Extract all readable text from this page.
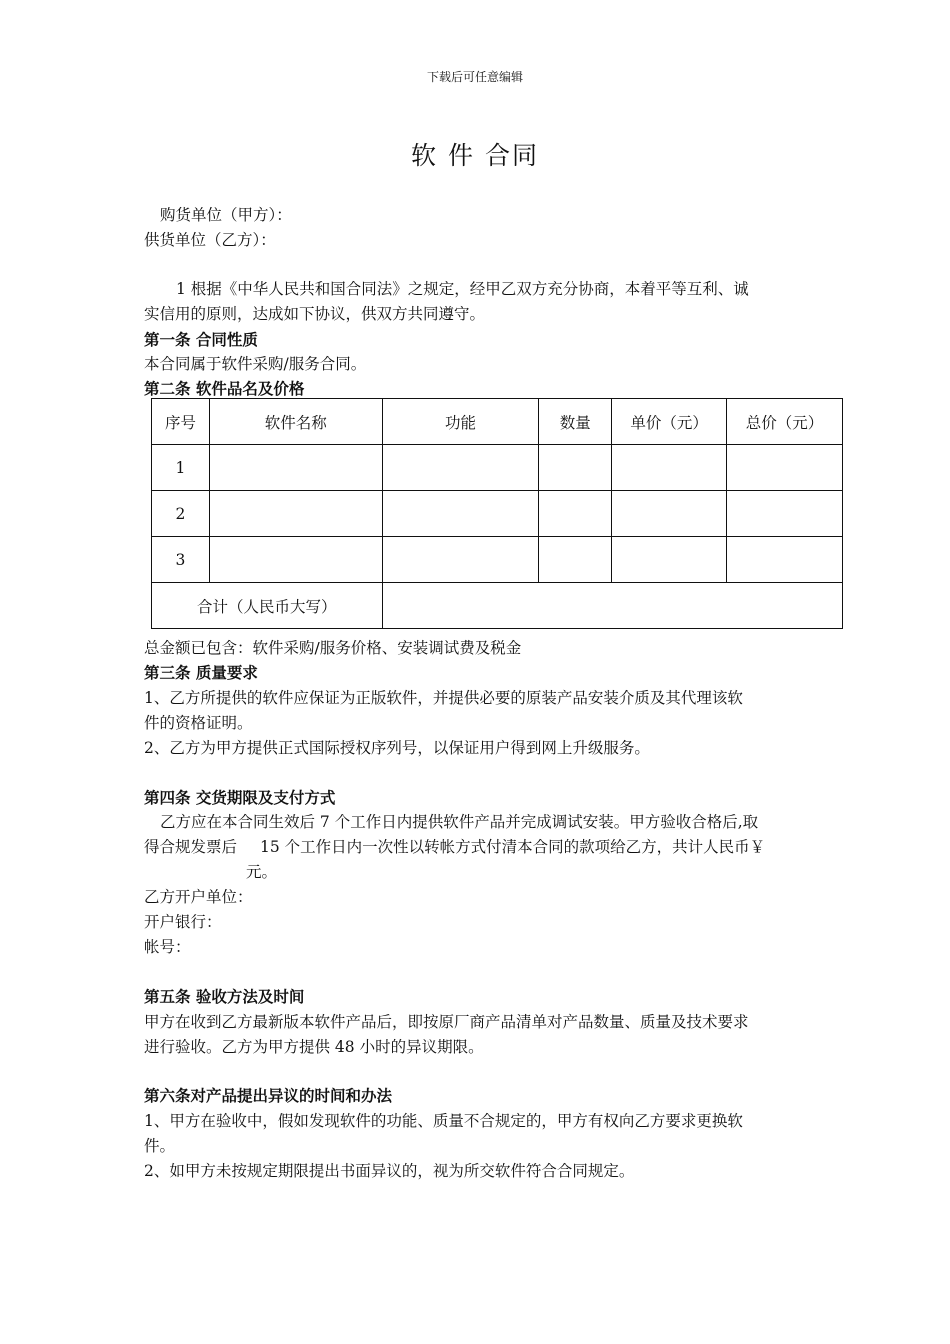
下载后可任意编辑
软 件 合同
购货单位（甲方）：
供货单位（乙方）：
1 根据《中华人民共和国合同法》之规定，经甲乙双方充分协商，本着平等互利、诚
实信用的原则，达成如下协议，供双方共同遵守。
第一条 合同性质
本合同属于软件采购/服务合同。
第二条 软件品名及价格
序号	软件名称	功能	数量	单价（元）	总价（元）
1					
2					
3					
合计（人民币大写）					
总金额已包含：软件采购/服务价格、安装调试费及税金
第三条 质量要求
1、乙方所提供的软件应保证为正版软件，并提供必要的原装产品安装介质及其代理该软
件的资格证明。
2、乙方为甲方提供正式国际授权序列号，以保证用户得到网上升级服务。
第四条 交货期限及支付方式
乙方应在本合同生效后 7 个工作日内提供软件产品并完成调试安装。甲方验收合格后,取
得合规发票后 15 个工作日内一次性以转帐方式付清本合同的款项给乙方，共计人民币￥
元。
乙方开户单位：
开户银行：
帐号：
第五条 验收方法及时间
甲方在收到乙方最新版本软件产品后，即按原厂商产品清单对产品数量、质量及技术要求
进行验收。乙方为甲方提供 48 小时的异议期限。
第六条对产品提出异议的时间和办法
1、甲方在验收中，假如发现软件的功能、质量不合规定的，甲方有权向乙方要求更换软
件。
2、如甲方未按规定期限提出书面异议的，视为所交软件符合合同规定。
